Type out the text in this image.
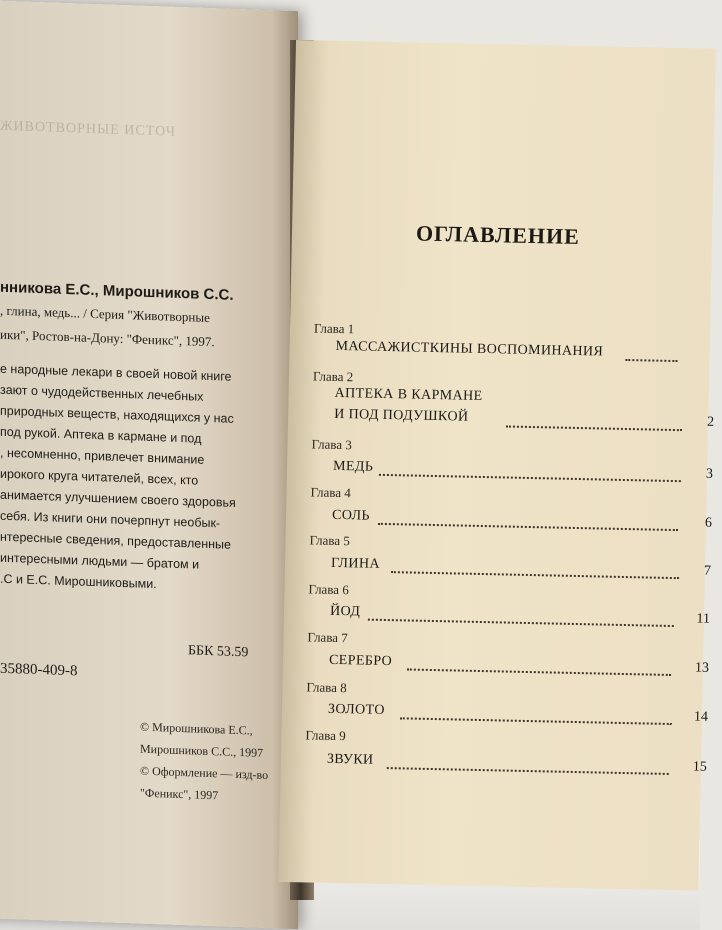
ЖИВОТВОРНЫЕ ИСТОЧ
нникова Е.С., Мирошников С.С.
, глина, медь... / Серия "Животворные
ики", Ростов-на-Дону: "Феникс", 1997.
е народные лекари в своей новой книге
зают о чудодейственных лечебных
природных веществ, находящихся у нас
под рукой. Аптека в кармане и под
, несомненно, привлечет внимание
ирокого круга читателей, всех, кто
анимается улучшением своего здоровья
себя. Из книги они почерпнут необык-
нтересные сведения, предоставленные
интересными людьми — братом и
.С и Е.С. Мирошниковыми.
ББК 53.59
35880-409-8
© Мирошникова Е.С.,
Мирошников С.С., 1997
© Оформление — изд-во
"Феникс", 1997
ОГЛАВЛЕНИЕ
Глава 1
МАССАЖИСТКИНЫ ВОСПОМИНАНИЯ
Глава 2
АПТЕКА В КАРМАНЕ
И ПОД ПОДУШКОЙ	2
Глава 3
МЕДЬ	3
Глава 4
СОЛЬ	6
Глава 5
ГЛИНА	7
Глава 6
ЙОД	11
Глава 7
СЕРЕБРО	13
Глава 8
ЗОЛОТО	14
Глава 9
ЗВУКИ	15
